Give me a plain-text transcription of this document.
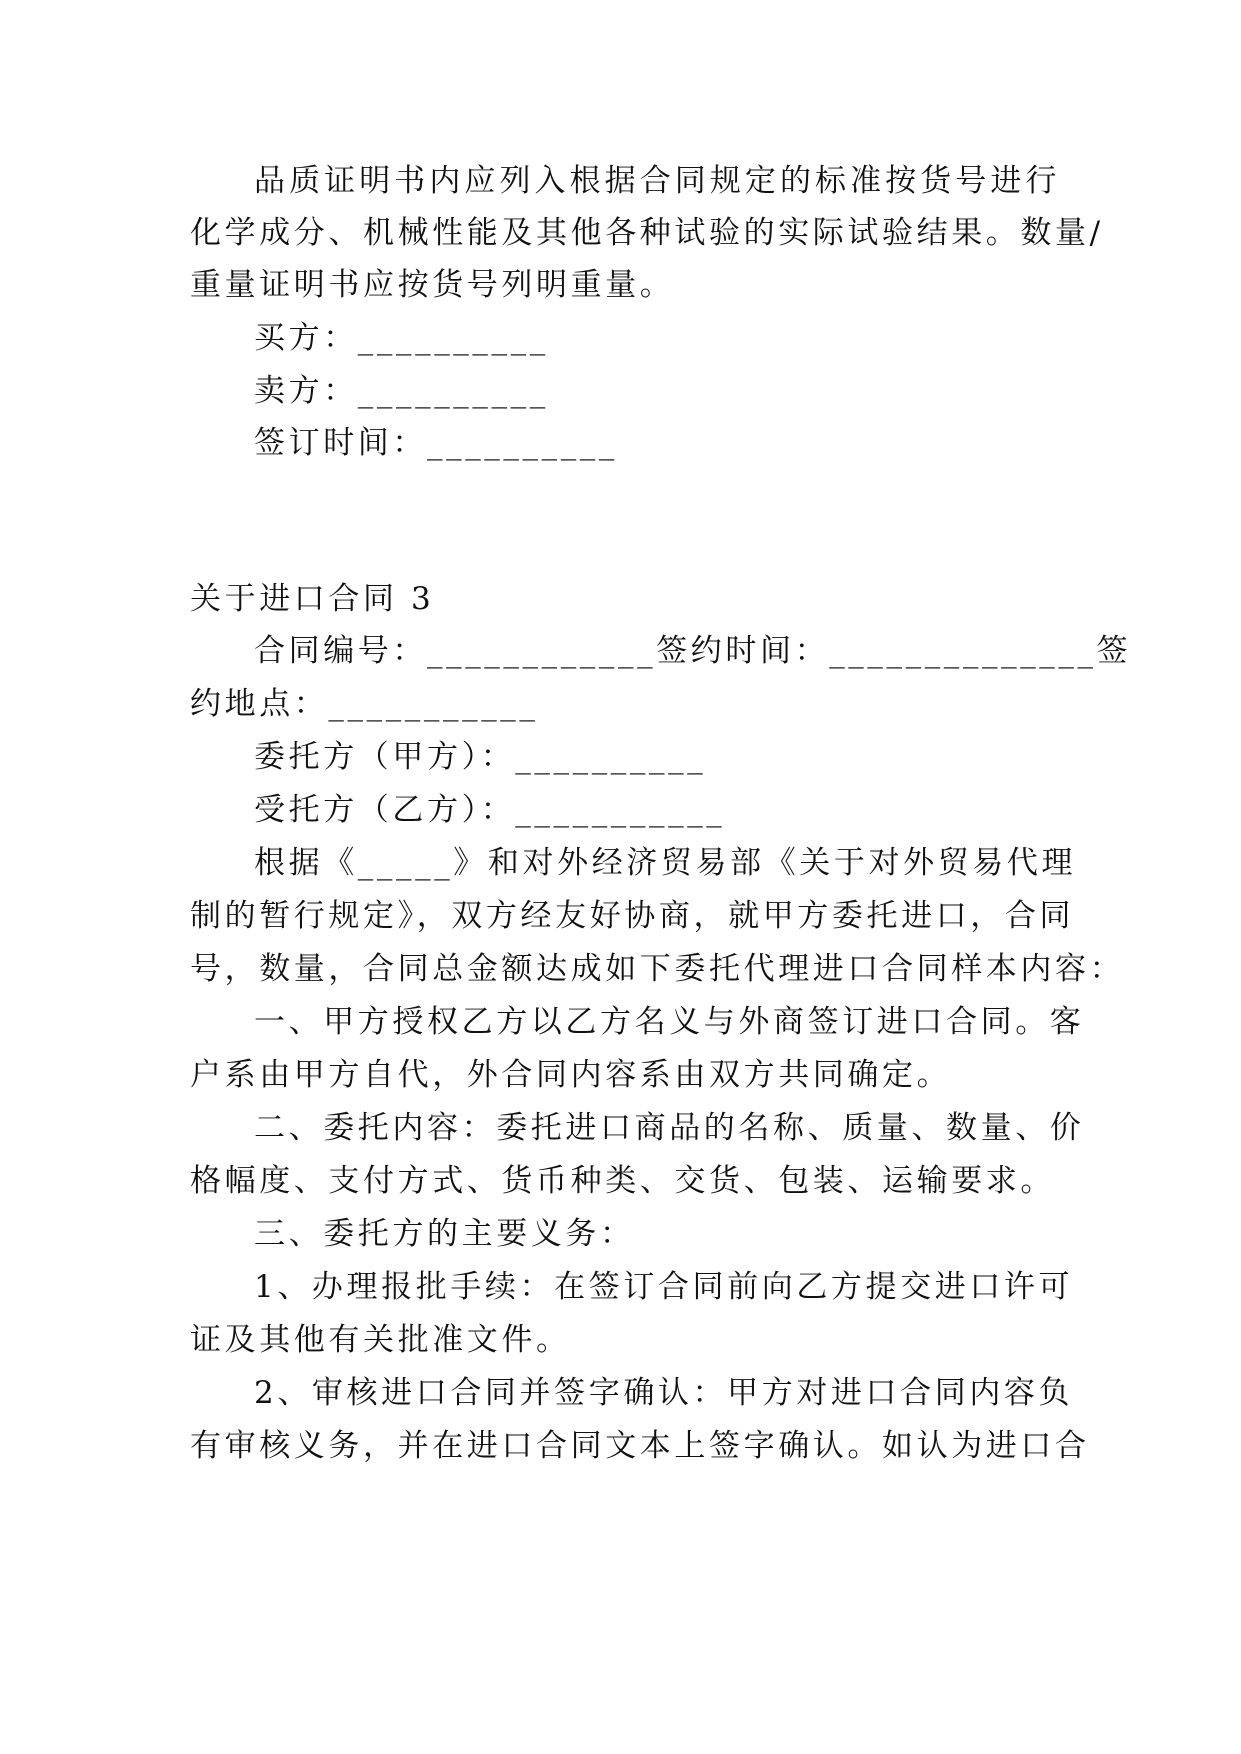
品质证明书内应列入根据合同规定的标准按货号进行
化学成分、机械性能及其他各种试验的实际试验结果。数量/
重量证明书应按货号列明重量。
买方：__________
卖方：__________
签订时间：__________
关于进口合同 3
合同编号：____________签约时间：______________签
约地点：___________
委托方（甲方）：__________
受托方（乙方）：___________
根据《_____》和对外经济贸易部《关于对外贸易代理
制的暂行规定》，双方经友好协商，就甲方委托进口，合同
号，数量，合同总金额达成如下委托代理进口合同样本内容：
一、甲方授权乙方以乙方名义与外商签订进口合同。客
户系由甲方自代，外合同内容系由双方共同确定。
二、委托内容：委托进口商品的名称、质量、数量、价
格幅度、支付方式、货币种类、交货、包装、运输要求。
三、委托方的主要义务：
1、办理报批手续：在签订合同前向乙方提交进口许可
证及其他有关批准文件。
2、审核进口合同并签字确认：甲方对进口合同内容负
有审核义务，并在进口合同文本上签字确认。如认为进口合
